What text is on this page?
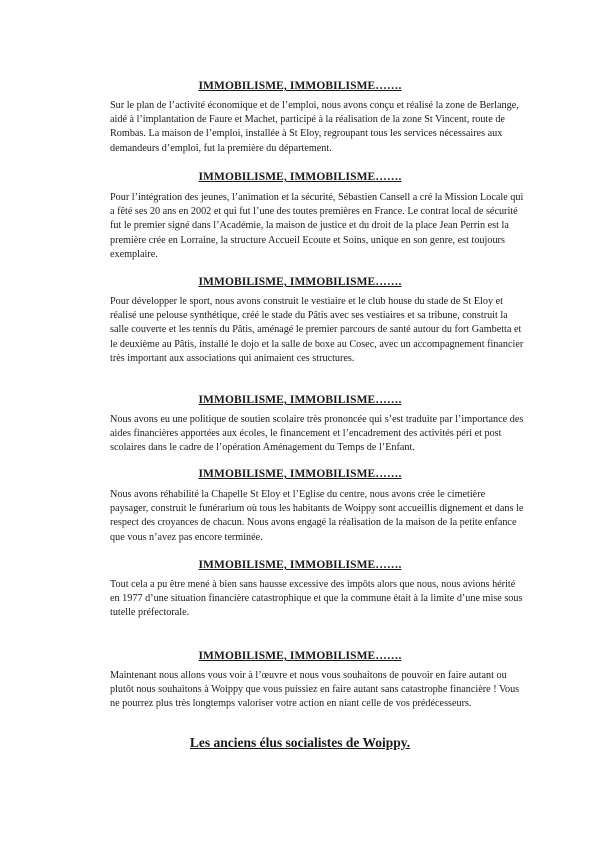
IMMOBILISME, IMMOBILISME…….

Sur le plan de l’activité économique et de l’emploi, nous avons conçu et réalisé la zone de Berlange, aidé à l’implantation de Faure et Machet, participé à la réalisation de la zone St Vincent, route de Rombas. La maison de l’emploi, installée à St Eloy, regroupant tous les services nécessaires aux demandeurs d’emploi, fut la première du département.

IMMOBILISME, IMMOBILISME…….

Pour l’intégration des jeunes, l’animation et la sécurité, Sébastien Cansell a cré la Mission Locale qui a fêté ses 20 ans en 2002 et qui fut l’une des toutes premières en France. Le contrat local de sécurité fut le premier signé dans l’Académie, la maison de justice et du droit de la place Jean Perrin est la première crée en Lorraine, la structure Accueil Ecoute et Soins, unique en son genre, est toujours exemplaire.

IMMOBILISME, IMMOBILISME…….

Pour développer le sport, nous avons construit le vestiaire et le club house du stade de St Eloy et réalisé une pelouse synthétique, créé le stade du Pâtis avec ses vestiaires et sa tribune, construit la salle couverte et les tennis du Pâtis, aménagé le premier parcours de santé autour du fort Gambetta et le deuxième au Pâtis, installé le dojo et la salle de boxe au Cosec, avec un accompagnement financier très important aux associations qui animaient ces structures.

IMMOBILISME, IMMOBILISME…….

Nous avons eu une politique de soutien scolaire très prononcée qui s’est traduite par l’importance des aides financières apportées aux écoles, le financement et l’encadrement des activités péri et post scolaires dans le cadre de l’opération Aménagement du Temps de l’Enfant.

IMMOBILISME, IMMOBILISME…….

Nous avons réhabilité la Chapelle St Eloy et l’Eglise du centre, nous avons crée le cimetière paysager, construit le funérarium où tous les habitants de Woippy sont accueillis dignement et dans le respect des croyances de chacun. Nous avons engagé la réalisation de la maison de la petite enfance que vous n’avez pas encore terminée.

IMMOBILISME, IMMOBILISME…….

Tout cela a pu être mené à bien sans hausse excessive des impôts alors que nous, nous avions hérité en 1977 d’une situation financière catastrophique et que la commune était à la limite d’une mise sous tutelle préfectorale.

IMMOBILISME, IMMOBILISME…….

Maintenant nous allons vous voir à l’œuvre et nous vous souhaitons de pouvoir en faire autant ou plutôt nous souhaitons à Woippy que vous puissiez en faire autant sans catastrophe financière ! Vous ne pourrez plus très longtemps valoriser votre action en niant celle de vos prédécesseurs.

Les anciens élus socialistes de Woippy.
